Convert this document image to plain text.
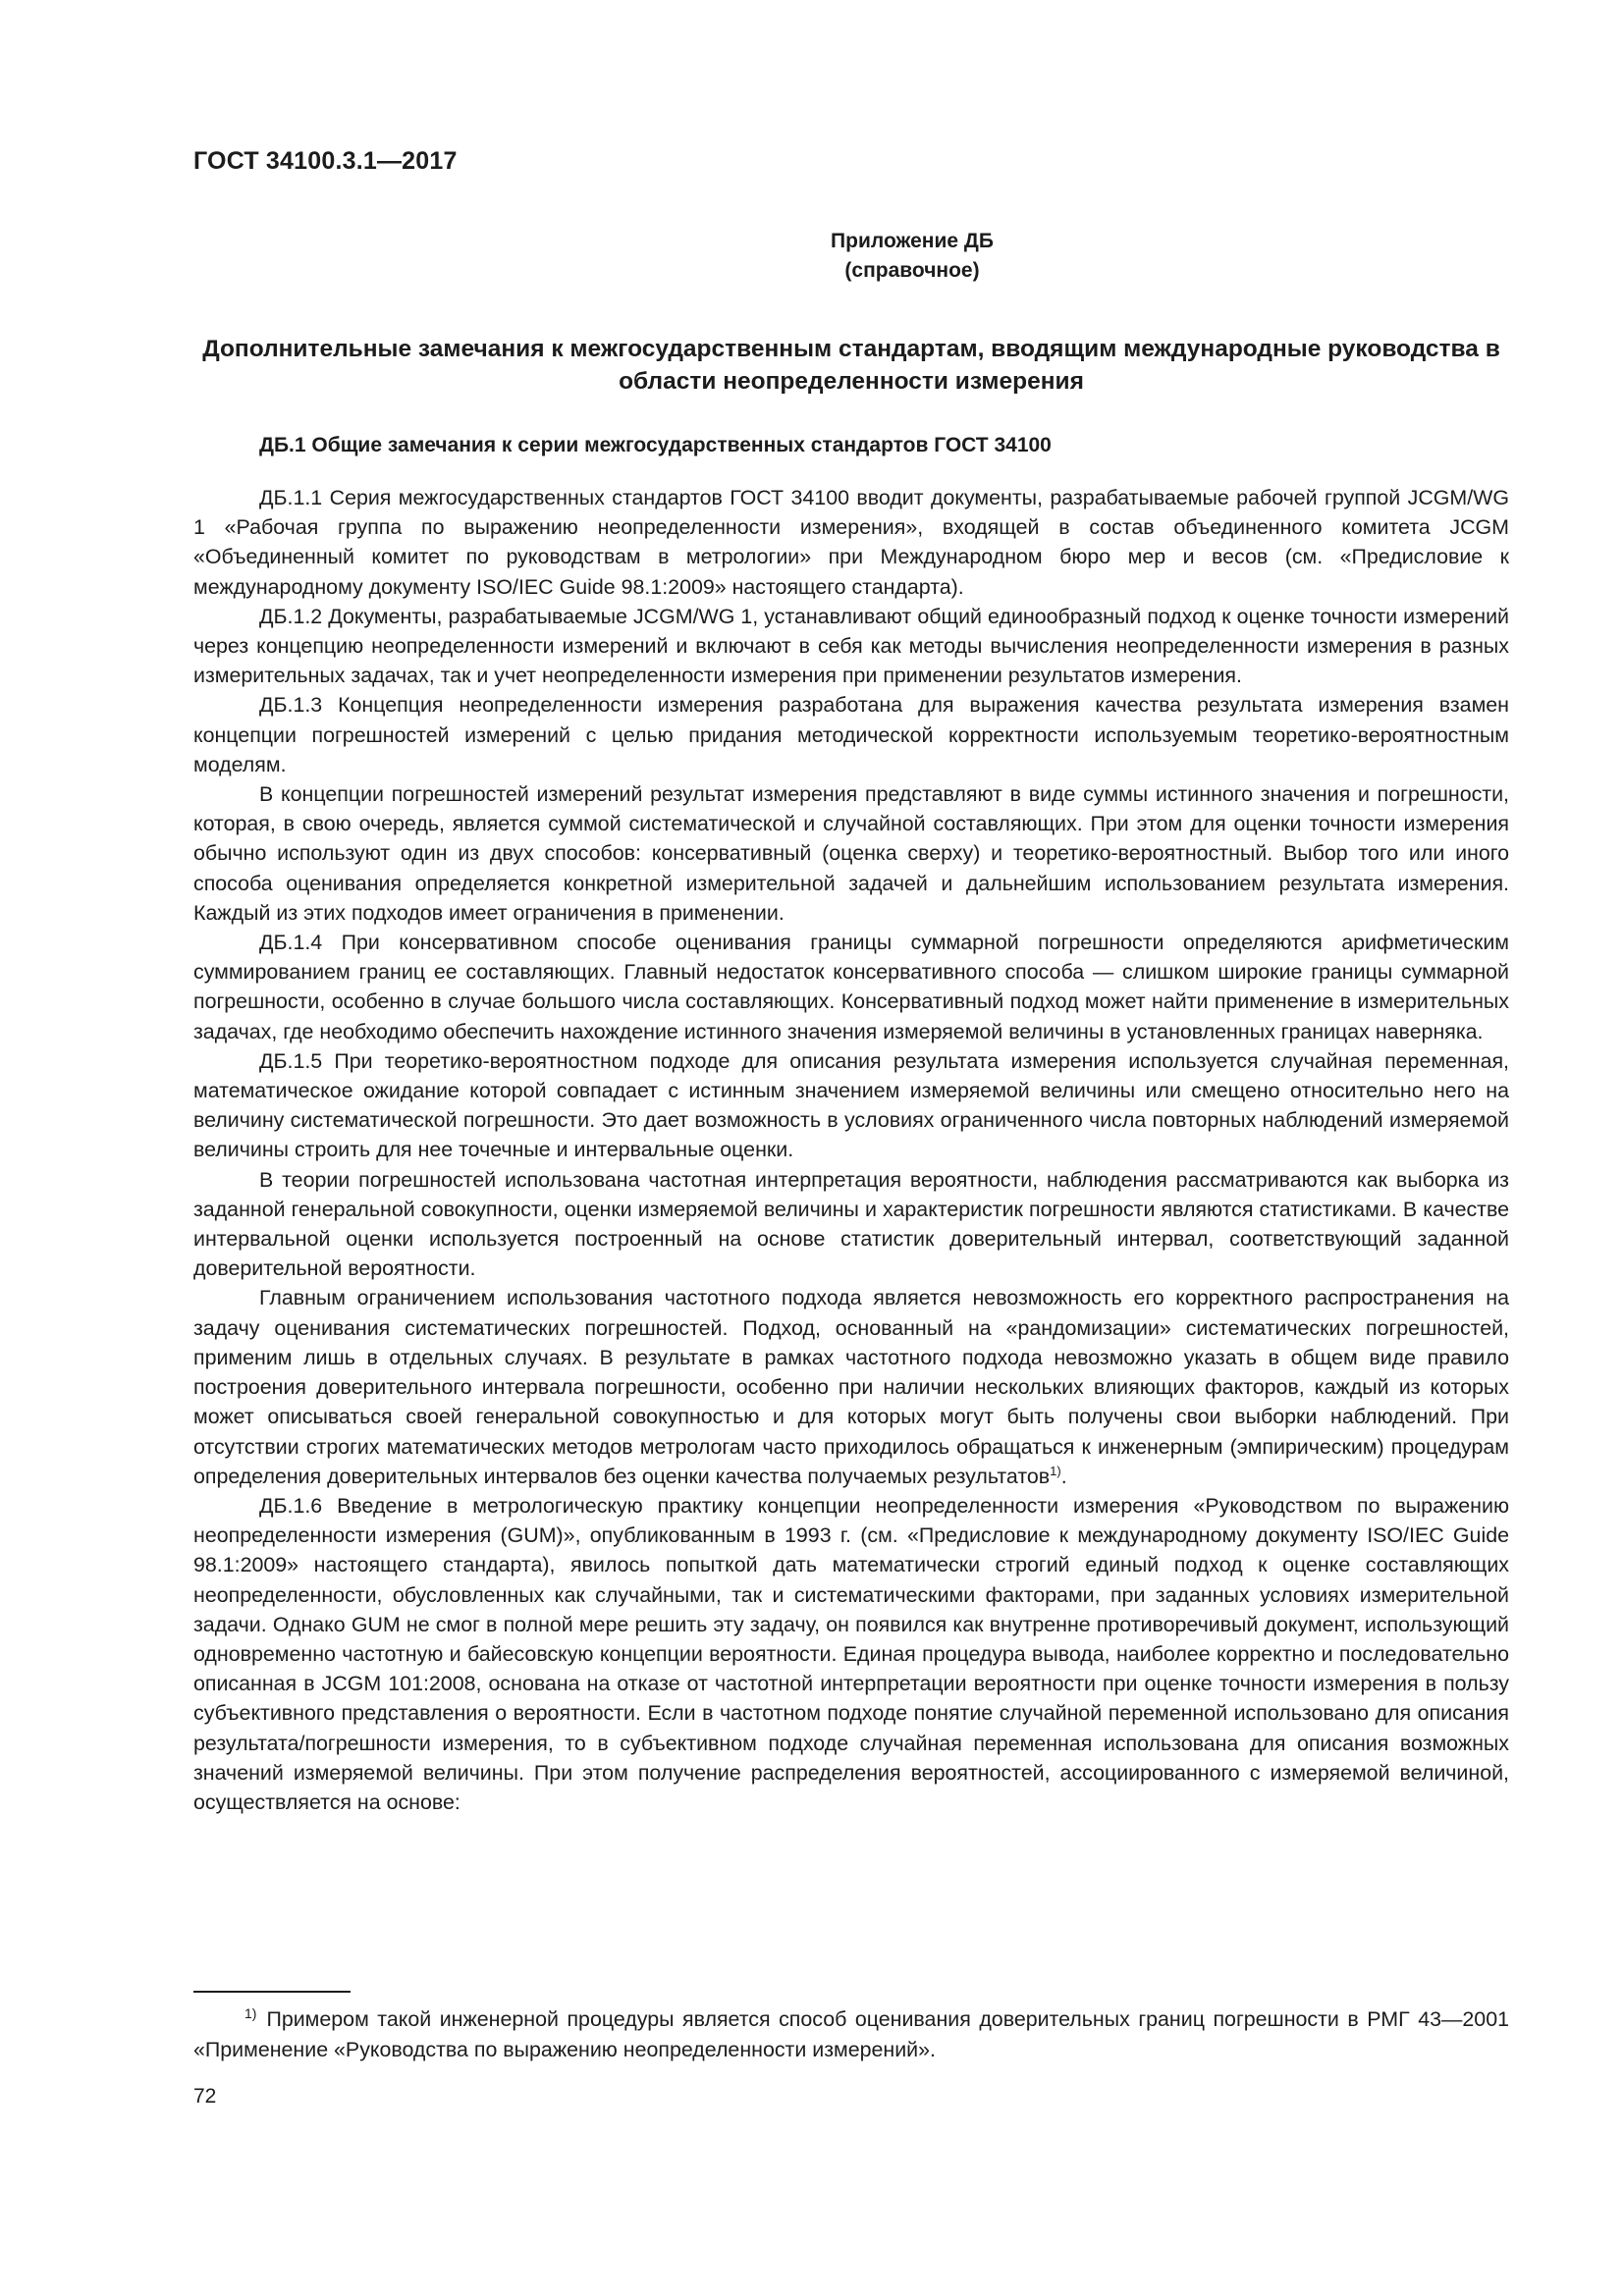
ГОСТ 34100.3.1—2017
Приложение ДБ
(справочное)
Дополнительные замечания к межгосударственным стандартам, вводящим международные руководства в области неопределенности измерения
ДБ.1 Общие замечания к серии межгосударственных стандартов ГОСТ 34100

ДБ.1.1 Серия межгосударственных стандартов ГОСТ 34100 вводит документы, разрабатываемые рабочей группой JCGM/WG 1 «Рабочая группа по выражению неопределенности измерения», входящей в состав объединенного комитета JCGM «Объединенный комитет по руководствам в метрологии» при Международном бюро мер и весов (см. «Предисловие к международному документу ISO/IEC Guide 98.1:2009» настоящего стандарта).

ДБ.1.2 Документы, разрабатываемые JCGM/WG 1, устанавливают общий единообразный подход к оценке точности измерений через концепцию неопределенности измерений и включают в себя как методы вычисления неопределенности измерения в разных измерительных задачах, так и учет неопределенности измерения при применении результатов измерения.

ДБ.1.3 Концепция неопределенности измерения разработана для выражения качества результата измерения взамен концепции погрешностей измерений с целью придания методической корректности используемым теоретико-вероятностным моделям.

В концепции погрешностей измерений результат измерения представляют в виде суммы истинного значения и погрешности, которая, в свою очередь, является суммой систематической и случайной составляющих. При этом для оценки точности измерения обычно используют один из двух способов: консервативный (оценка сверху) и теоретико-вероятностный. Выбор того или иного способа оценивания определяется конкретной измерительной задачей и дальнейшим использованием результата измерения. Каждый из этих подходов имеет ограничения в применении.

ДБ.1.4 При консервативном способе оценивания границы суммарной погрешности определяются арифметическим суммированием границ ее составляющих. Главный недостаток консервативного способа — слишком широкие границы суммарной погрешности, особенно в случае большого числа составляющих. Консервативный подход может найти применение в измерительных задачах, где необходимо обеспечить нахождение истинного значения измеряемой величины в установленных границах наверняка.

ДБ.1.5 При теоретико-вероятностном подходе для описания результата измерения используется случайная переменная, математическое ожидание которой совпадает с истинным значением измеряемой величины или смещено относительно него на величину систематической погрешности. Это дает возможность в условиях ограниченного числа повторных наблюдений измеряемой величины строить для нее точечные и интервальные оценки.

В теории погрешностей использована частотная интерпретация вероятности, наблюдения рассматриваются как выборка из заданной генеральной совокупности, оценки измеряемой величины и характеристик погрешности являются статистиками. В качестве интервальной оценки используется построенный на основе статистик доверительный интервал, соответствующий заданной доверительной вероятности.

Главным ограничением использования частотного подхода является невозможность его корректного распространения на задачу оценивания систематических погрешностей. Подход, основанный на «рандомизации» систематических погрешностей, применим лишь в отдельных случаях. В результате в рамках частотного подхода невозможно указать в общем виде правило построения доверительного интервала погрешности, особенно при наличии нескольких влияющих факторов, каждый из которых может описываться своей генеральной совокупностью и для которых могут быть получены свои выборки наблюдений. При отсутствии строгих математических методов метрологам часто приходилось обращаться к инженерным (эмпирическим) процедурам определения доверительных интервалов без оценки качества получаемых результатов$^{1)}$.

ДБ.1.6 Введение в метрологическую практику концепции неопределенности измерения «Руководством по выражению неопределенности измерения (GUM)», опубликованным в 1993 г. (см. «Предисловие к международному документу ISO/IEC Guide 98.1:2009» настоящего стандарта), явилось попыткой дать математически строгий единый подход к оценке составляющих неопределенности, обусловленных как случайными, так и систематическими факторами, при заданных условиях измерительной задачи. Однако GUM не смог в полной мере решить эту задачу, он появился как внутренне противоречивый документ, использующий одновременно частотную и байесовскую концепции вероятности. Единая процедура вывода, наиболее корректно и последовательно описанная в JCGM 101:2008, основана на отказе от частотной интерпретации вероятности при оценке точности измерения в пользу субъективного представления о вероятности. Если в частотном подходе понятие случайной переменной использовано для описания результата/погрешности измерения, то в субъективном подходе случайная переменная использована для описания возможных значений измеряемой величины. При этом получение распределения вероятностей, ассоциированного с измеряемой величиной, осуществляется на основе:

$^{1)}$ Примером такой инженерной процедуры является способ оценивания доверительных границ погрешности в РМГ 43—2001 «Применение «Руководства по выражению неопределенности измерений».

72
